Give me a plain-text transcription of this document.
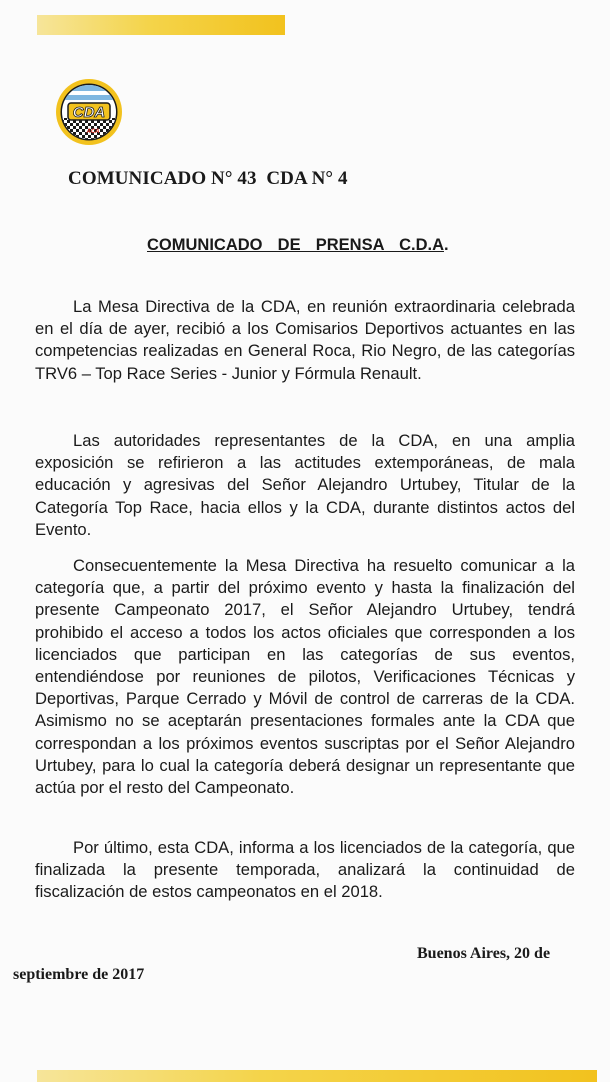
CDA
ACA
COMUNICADO N° 43  CDA N° 4
COMUNICADO  DE  PRENSA  C.D.A.

La Mesa Directiva de la CDA, en reunión extraordinaria celebrada en el día de ayer, recibió a los Comisarios Deportivos actuantes en las competencias realizadas en General Roca, Rio Negro, de las categorías TRV6 – Top Race Series - Junior y Fórmula Renault.

Las autoridades representantes de la CDA, en una amplia exposición se refirieron a las actitudes extemporáneas, de mala educación y agresivas del Señor Alejandro Urtubey, Titular de la Categoría Top Race, hacia ellos y la CDA, durante distintos actos del Evento.

Consecuentemente la Mesa Directiva ha resuelto comunicar a la categoría que, a partir del próximo evento y hasta la finalización del presente Campeonato 2017, el Señor Alejandro Urtubey, tendrá prohibido el acceso a todos los actos oficiales que corresponden a los licenciados que participan en las categorías de sus eventos, entendiéndose por reuniones de pilotos, Verificaciones Técnicas y Deportivas, Parque Cerrado y Móvil de control de carreras de la CDA. Asimismo no se aceptarán presentaciones formales ante la CDA que correspondan a los próximos eventos suscriptas por el Señor Alejandro Urtubey, para lo cual la categoría deberá designar un representante que actúa por el resto del Campeonato.

Por último, esta CDA, informa a los licenciados de la categoría, que finalizada la presente temporada, analizará la continuidad de fiscalización de estos campeonatos en el 2018.

Buenos Aires, 20 de
septiembre de 2017
